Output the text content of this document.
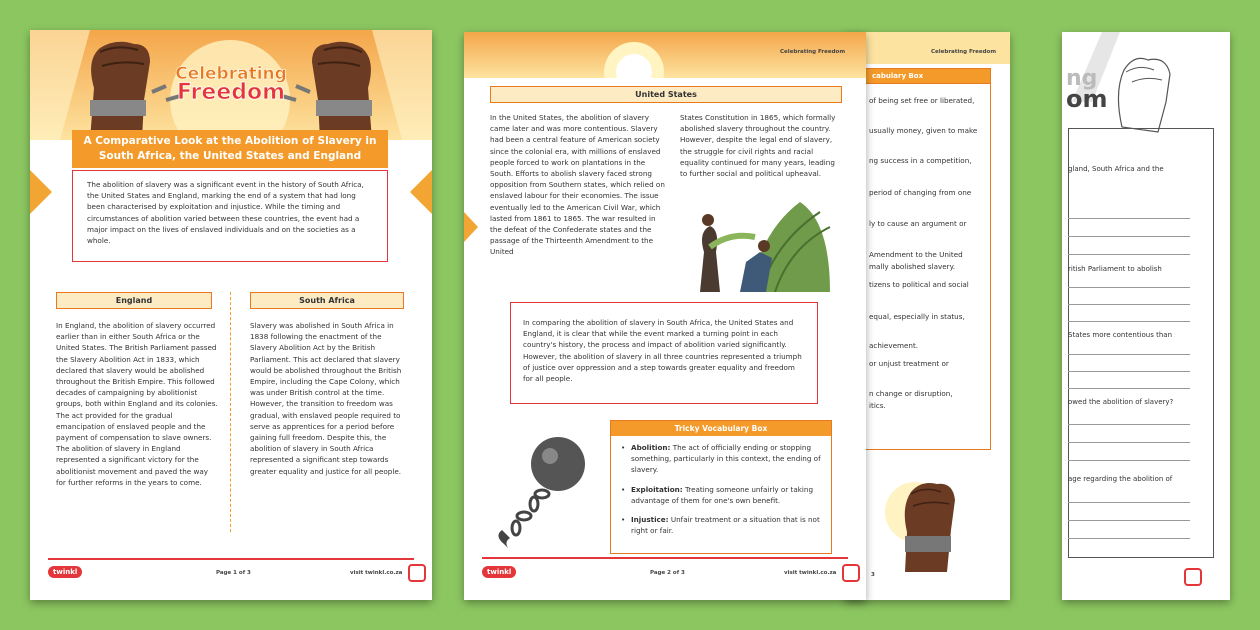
ng
om
gland, South Africa and the
ritish Parliament to abolish
States more contentious than
owed the abolition of slavery?
age regarding the abolition of
Celebrating Freedom
cabulary Box
of being set free or liberated,
usually money, given to make
ng success in a competition,
period of changing from one
ly to cause an argument or
Amendment to the United
mally abolished slavery.
tizens to political and social
equal, especially in status,
achievement.
or unjust treatment or
n change or disruption,
itics.
3
Celebrating Freedom
United States
In the United States, the abolition of slavery came later and was more contentious. Slavery had been a central feature of American society since the colonial era, with millions of enslaved people forced to work on plantations in the South. Efforts to abolish slavery faced strong opposition from Southern states, which relied on enslaved labour for their economies. The issue eventually led to the American Civil War, which lasted from 1861 to 1865. The war resulted in the defeat of the Confederate states and the passage of the Thirteenth Amendment to the United
States Constitution in 1865, which formally abolished slavery throughout the country. However, despite the legal end of slavery, the struggle for civil rights and racial equality continued for many years, leading to further social and political upheaval.
In comparing the abolition of slavery in South Africa, the United States and England, it is clear that while the event marked a turning point in each country's history, the process and impact of abolition varied significantly. However, the abolition of slavery in all three countries represented a triumph of justice over oppression and a step towards greater equality and freedom for all people.
Tricky Vocabulary Box
• Abolition: The act of officially ending or stopping something, particularly in this context, the ending of slavery.
• Exploitation: Treating someone unfairly or taking advantage of them for one's own benefit.
• Injustice: Unfair treatment or a situation that is not right or fair.
twinkl	Page 2 of 3	visit twinkl.co.za
Celebrating
Freedom
A Comparative Look at the Abolition of Slavery in South Africa, the United States and England
The abolition of slavery was a significant event in the history of South Africa, the United States and England, marking the end of a system that had long been characterised by exploitation and injustice. While the timing and circumstances of abolition varied between these countries, the event had a major impact on the lives of enslaved individuals and on the societies as a whole.
England
In England, the abolition of slavery occurred earlier than in either South Africa or the United States. The British Parliament passed the Slavery Abolition Act in 1833, which declared that slavery would be abolished throughout the British Empire. This followed decades of campaigning by abolitionist groups, both within England and its colonies. The act provided for the gradual emancipation of enslaved people and the payment of compensation to slave owners. The abolition of slavery in England represented a significant victory for the abolitionist movement and paved the way for further reforms in the years to come.
South Africa
Slavery was abolished in South Africa in 1838 following the enactment of the Slavery Abolition Act by the British Parliament. This act declared that slavery would be abolished throughout the British Empire, including the Cape Colony, which was under British control at the time. However, the transition to freedom was gradual, with enslaved people required to serve as apprentices for a period before gaining full freedom. Despite this, the abolition of slavery in South Africa represented a significant step towards greater equality and justice for all people.
twinkl	Page 1 of 3	visit twinkl.co.za
